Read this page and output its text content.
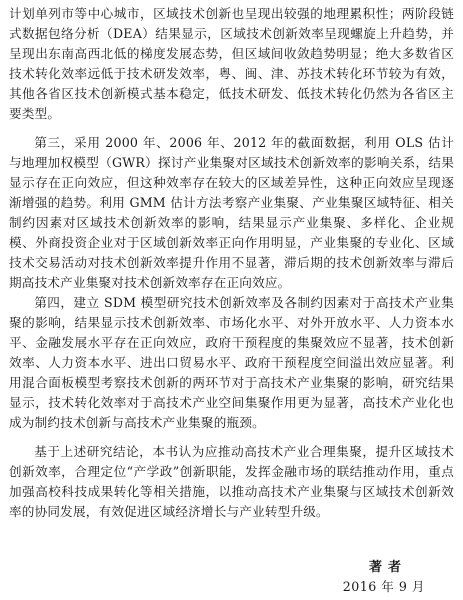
计划单列市等中心城市，区域技术创新也呈现出较强的地理累积性；两阶段链式数据包络分析（DEA）结果显示，区域技术创新效率呈现螺旋上升趋势，并呈现出东南高西北低的梯度发展态势，但区域间收敛趋势明显；绝大多数省区技术转化效率远低于技术研发效率，粤、闽、津、苏技术转化环节较为有效，其他各省区技术创新模式基本稳定，低技术研发、低技术转化仍然为各省区主要类型。

第三，采用 2000 年、2006 年、2012 年的截面数据，利用 OLS 估计与地理加权模型（GWR）探讨产业集聚对区域技术创新效率的影响关系，结果显示存在正向效应，但这种效率存在较大的区域差异性，这种正向效应呈现逐渐增强的趋势。利用 GMM 估计方法考察产业集聚、产业集聚区域特征、相关制约因素对区域技术创新效率的影响，结果显示产业集聚、多样化、企业规模、外商投资企业对于区域创新效率正向作用明显，产业集聚的专业化、区域技术交易活动对技术创新效率提升作用不显著，滞后期的技术创新效率与滞后期高技术产业集聚对技术创新效率存在正向效应。

第四，建立 SDM 模型研究技术创新效率及各制约因素对于高技术产业集聚的影响，结果显示技术创新效率、市场化水平、对外开放水平、人力资本水平、金融发展水平存在正向效应，政府干预程度的集聚效应不显著，技术创新效率、人力资本水平、进出口贸易水平、政府干预程度空间溢出效应显著。利用混合面板模型考察技术创新的两环节对于高技术产业集聚的影响，研究结果显示，技术转化效率对于高技术产业空间集聚作用更为显著，高技术产业化也成为制约技术创新与高技术产业集聚的瓶颈。

基于上述研究结论，本书认为应推动高技术产业合理集聚，提升区域技术创新效率，合理定位“产学政”创新职能，发挥金融市场的联结推动作用，重点加强高校科技成果转化等相关措施，以推动高技术产业集聚与区域技术创新效率的协同发展，有效促进区域经济增长与产业转型升级。

著者
2016 年 9 月
